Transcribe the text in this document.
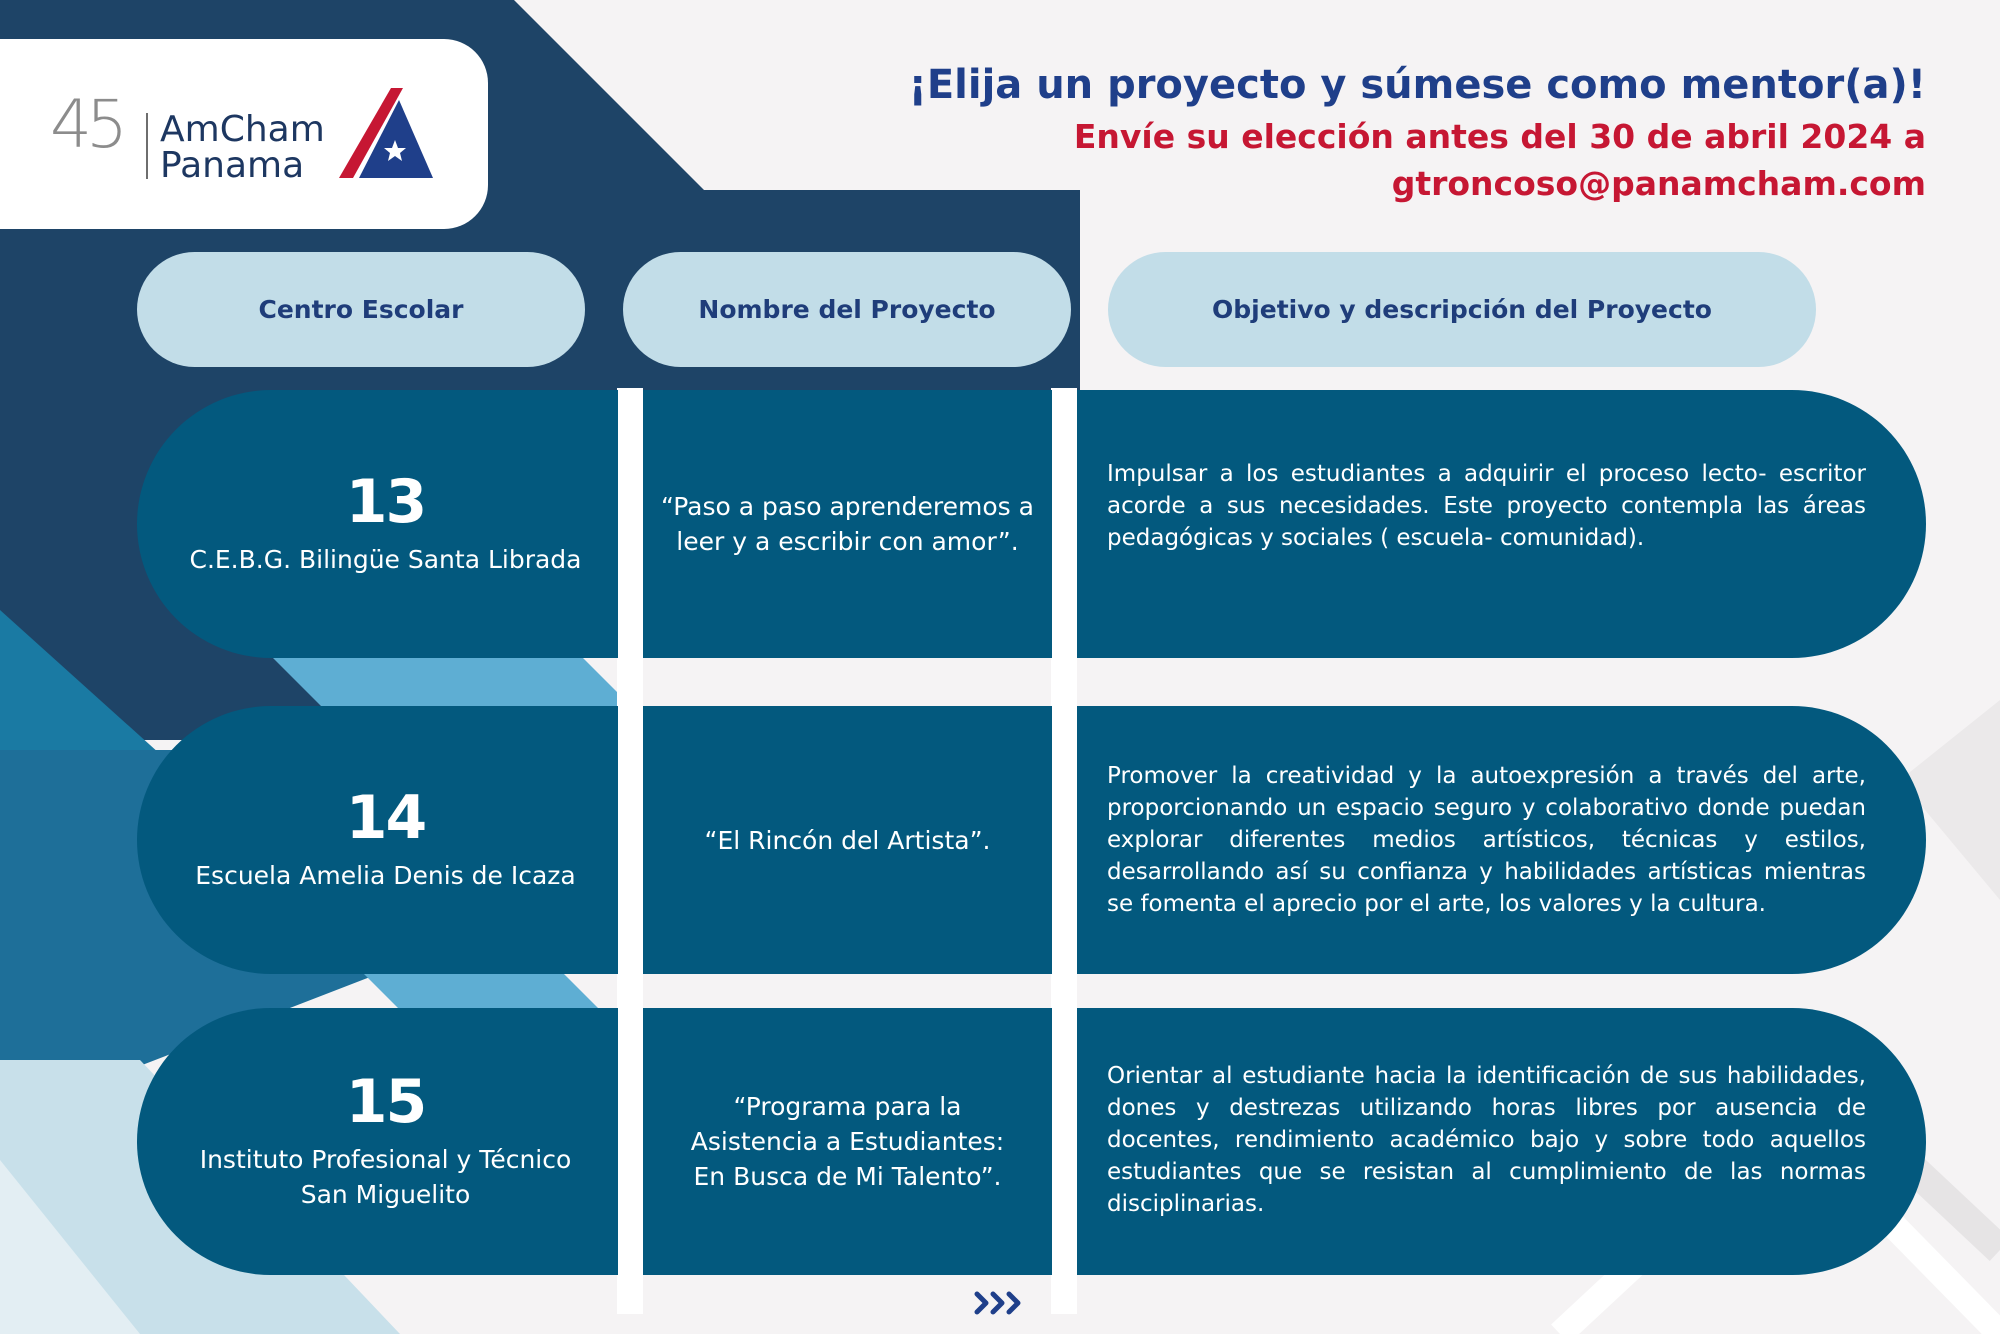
45 AmCham
Panama
¡Elija un proyecto y súmese como mentor(a)!
Envíe su elección antes del 30 de abril 2024 a
gtroncoso@panamcham.com
Centro Escolar	Nombre del Proyecto	Objetivo y descripción del Proyecto
13
C.E.B.G. Bilingüe Santa Librada
“Paso a paso aprenderemos a leer y a escribir con amor”.
Impulsar a los estudiantes a adquirir el proceso lecto- escritor acorde a sus necesidades. Este proyecto contempla las áreas pedagógicas y sociales ( escuela- comunidad).
14
Escuela Amelia Denis de Icaza
“El Rincón del Artista”.
Promover la creatividad y la autoexpresión a través del arte, proporcionando un espacio seguro y colaborativo donde puedan explorar diferentes medios artísticos, técnicas y estilos, desarrollando así su confianza y habilidades artísticas mientras se fomenta el aprecio por el arte, los valores y la cultura.
15
Instituto Profesional y Técnico San Miguelito
“Programa para la Asistencia a Estudiantes: En Busca de Mi Talento”.
Orientar al estudiante hacia la identificación de sus habilidades, dones y destrezas utilizando horas libres por ausencia de docentes, rendimiento académico bajo y sobre todo aquellos estudiantes que se resistan al cumplimiento de las normas disciplinarias.
